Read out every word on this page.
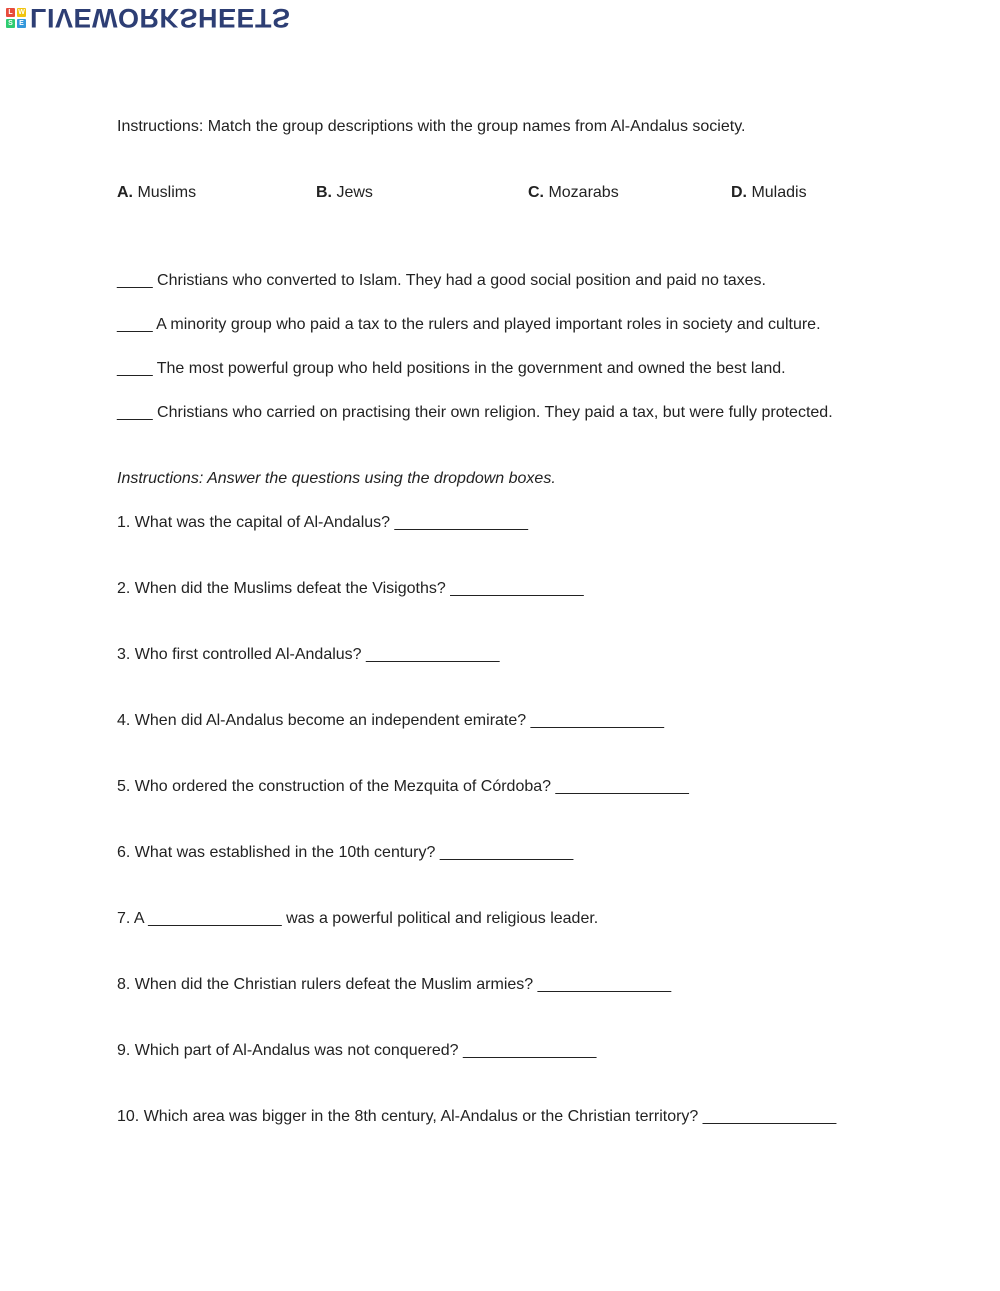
L W
S E LIVEWORKSHEETS
Instructions: Match the group descriptions with the group names from Al-Andalus society.
A. Muslims	B. Jews	C. Mozarabs	D. Muladis
____ Christians who converted to Islam. They had a good social position and paid no taxes.
____ A minority group who paid a tax to the rulers and played important roles in society and culture.
____ The most powerful group who held positions in the government and owned the best land.
____ Christians who carried on practising their own religion. They paid a tax, but were fully protected.
Instructions: Answer the questions using the dropdown boxes.
1. What was the capital of Al-Andalus? _______________
2. When did the Muslims defeat the Visigoths? _______________
3. Who first controlled Al-Andalus? _______________
4. When did Al-Andalus become an independent emirate? _______________
5. Who ordered the construction of the Mezquita of Córdoba? _______________
6. What was established in the 10th century? _______________
7. A _______________ was a powerful political and religious leader.
8. When did the Christian rulers defeat the Muslim armies? _______________
9. Which part of Al-Andalus was not conquered? _______________
10. Which area was bigger in the 8th century, Al-Andalus or the Christian territory? _______________
